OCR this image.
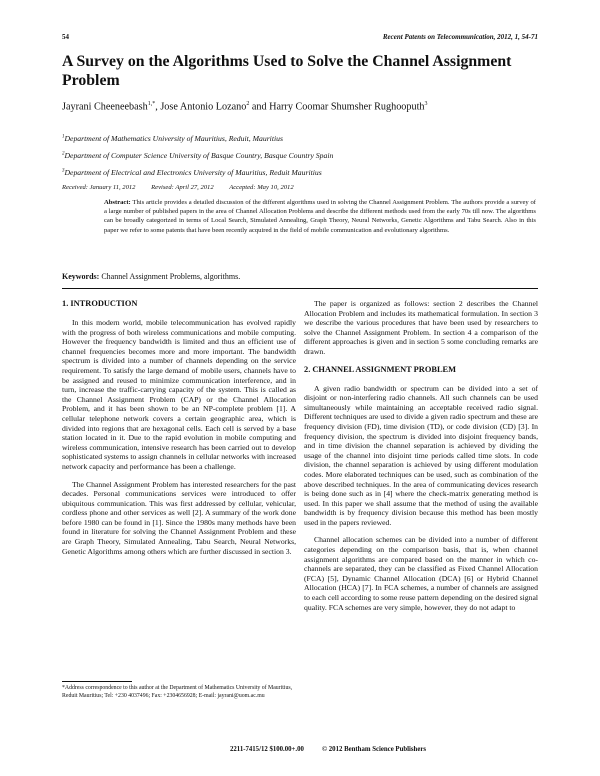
54	Recent Patents on Telecommunication, 2012, 1, 54-71
A Survey on the Algorithms Used to Solve the Channel Assignment Problem
Jayrani Cheeneebash$^{1,*}$, Jose Antonio Lozano$^2$ and Harry Coomar Shumsher Rughooputh$^3$
$^1$Department of Mathematics University of Mauritius, Reduit, Mauritius
$^2$Department of Computer Science University of Basque Country, Basque Country Spain
$^3$Department of Electrical and Electronics University of Mauritius, Reduit Mauritius
Received: January 11, 2012 Revised: April 27, 2012 Accepted: May 10, 2012

Abstract: This article provides a detailed discussion of the different algorithms used in solving the Channel Assignment Problem. The authors provide a survey of a large number of published papers in the area of Channel Allocation Problems and describe the different methods used from the early 70s till now. The algorithms can be broadly categorized in terms of Local Search, Simulated Annealing, Graph Theory, Neural Networks, Genetic Algorithms and Tabu Search. Also in this paper we refer to some patents that have been recently acquired in the field of mobile communication and evolutionary algorithms.

Keywords: Channel Assignment Problems, algorithms.
1. INTRODUCTION

In this modern world, mobile telecommunication has evolved rapidly with the progress of both wireless communications and mobile computing. However the frequency bandwidth is limited and thus an efficient use of channel frequencies becomes more and more important. The bandwidth spectrum is divided into a number of channels depending on the service requirement. To satisfy the large demand of mobile users, channels have to be assigned and reused to minimize communication interference, and in turn, increase the traffic-carrying capacity of the system. This is called as the Channel Assignment Problem (CAP) or the Channel Allocation Problem, and it has been shown to be an NP-complete problem [1]. A cellular telephone network covers a certain geographic area, which is divided into regions that are hexagonal cells. Each cell is served by a base station located in it. Due to the rapid evolution in mobile computing and wireless communication, intensive research has been carried out to develop sophisticated systems to assign channels in cellular networks with increased network capacity and performance has been a challenge.

The Channel Assignment Problem has interested researchers for the past decades. Personal communications services were introduced to offer ubiquitous communication. This was first addressed by cellular, vehicular, cordless phone and other services as well [2]. A summary of the work done before 1980 can be found in [1]. Since the 1980s many methods have been found in literature for solving the Channel Assignment Problem and these are Graph Theory, Simulated Annealing, Tabu Search, Neural Networks, Genetic Algorithms among others which are further discussed in section 3.

The paper is organized as follows: section 2 describes the Channel Allocation Problem and includes its mathematical formulation. In section 3 we describe the various procedures that have been used by researchers to solve the Channel Assignment Problem. In section 4 a comparison of the different approaches is given and in section 5 some concluding remarks are drawn.

2. CHANNEL ASSIGNMENT PROBLEM

A given radio bandwidth or spectrum can be divided into a set of disjoint or non-interfering radio channels. All such channels can be used simultaneously while maintaining an acceptable received radio signal. Different techniques are used to divide a given radio spectrum and these are frequency division (FD), time division (TD), or code division (CD) [3]. In frequency division, the spectrum is divided into disjoint frequency bands, and in time division the channel separation is achieved by dividing the usage of the channel into disjoint time periods called time slots. In code division, the channel separation is achieved by using different modulation codes. More elaborated techniques can be used, such as combination of the above described techniques. In the area of communicating devices research is being done such as in [4] where the check-matrix generating method is used. In this paper we shall assume that the method of using the available bandwidth is by frequency division because this method has been mostly used in the papers reviewed.

Channel allocation schemes can be divided into a number of different categories depending on the comparison basis, that is, when channel assignment algorithms are compared based on the manner in which co-channels are separated, they can be classified as Fixed Channel Allocation (FCA) [5], Dynamic Channel Allocation (DCA) [6] or Hybrid Channel Allocation (HCA) [7]. In FCA schemes, a number of channels are assigned to each cell according to some reuse pattern depending on the desired signal quality. FCA schemes are very simple, however, they do not adapt to

*Address correspondence to this author at the Department of Mathematics University of Mauritius, Reduit Mauritius; Tel: +230 4037496; Fax: +2304656928; E-mail: jayrani@uom.ac.mu

2211-7415/12 $100.00+.00	© 2012 Bentham Science Publishers
